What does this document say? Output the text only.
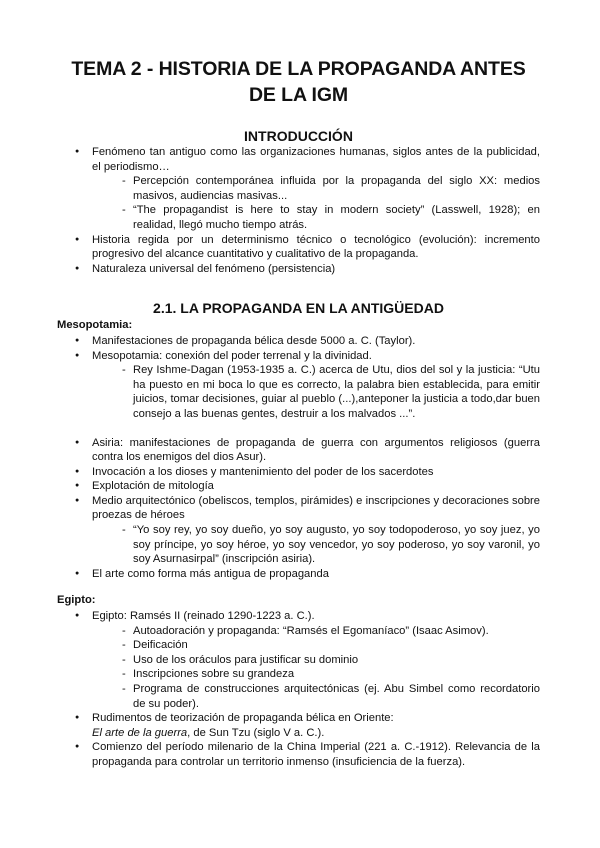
TEMA 2 - HISTORIA DE LA PROPAGANDA ANTES DE LA IGM
INTRODUCCIÓN
● Fenómeno tan antiguo como las organizaciones humanas, siglos antes de la publicidad, el periodismo…
- Percepción contemporánea influida por la propaganda del siglo XX: medios masivos, audiencias masivas...
- “The propagandist is here to stay in modern society” (Lasswell, 1928); en realidad, llegó mucho tiempo atrás.
● Historia regida por un determinismo técnico o tecnológico (evolución): incremento progresivo del alcance cuantitativo y cualitativo de la propaganda.
● Naturaleza universal del fenómeno (persistencia)
2.1. LA PROPAGANDA EN LA ANTIGÜEDAD

Mesopotamia:

● Manifestaciones de propaganda bélica desde 5000 a. C. (Taylor).
● Mesopotamia: conexión del poder terrenal y la divinidad.
- Rey Ishme-Dagan (1953-1935 a. C.) acerca de Utu, dios del sol y la justicia: “Utu ha puesto en mi boca lo que es correcto, la palabra bien establecida, para emitir juicios, tomar decisiones, guiar al pueblo (...),anteponer la justicia a todo,dar buen consejo a las buenas gentes, destruir a los malvados ...”.
● Asiria: manifestaciones de propaganda de guerra con argumentos religiosos (guerra contra los enemigos del dios Asur).
● Invocación a los dioses y mantenimiento del poder de los sacerdotes
● Explotación de mitología
● Medio arquitectónico (obeliscos, templos, pirámides) e inscripciones y decoraciones sobre proezas de héroes
- “Yo soy rey, yo soy dueño, yo soy augusto, yo soy todopoderoso, yo soy juez, yo soy príncipe, yo soy héroe, yo soy vencedor, yo soy poderoso, yo soy varonil, yo soy Asurnasirpal” (inscripción asiria).
● El arte como forma más antigua de propaganda

Egipto:

● Egipto: Ramsés II (reinado 1290-1223 a. C.).
- Autoadoración y propaganda: “Ramsés el Egomaníaco” (Isaac Asimov).
- Deificación
- Uso de los oráculos para justificar su dominio
- Inscripciones sobre su grandeza
- Programa de construcciones arquitectónicas (ej. Abu Simbel como recordatorio de su poder).
● Rudimentos de teorización de propaganda bélica en Oriente:
El arte de la guerra, de Sun Tzu (siglo V a. C.).
● Comienzo del período milenario de la China Imperial (221 a. C.-1912). Relevancia de la propaganda para controlar un territorio inmenso (insuficiencia de la fuerza).
